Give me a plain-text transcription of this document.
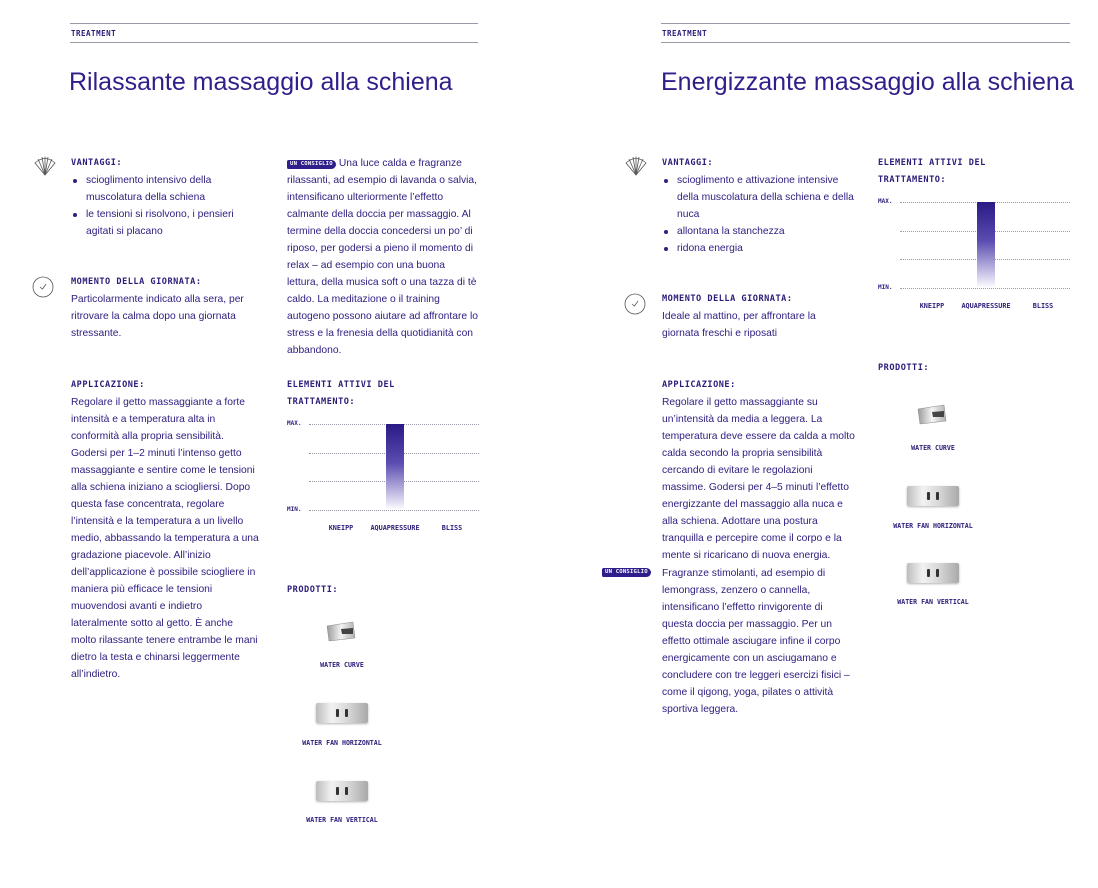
TREATMENT
Rilassante massaggio alla schiena
VANTAGGI:
scioglimento intensivo della muscolatura della schiena
le tensioni si risolvono, i pensieri agitati si placano
MOMENTO DELLA GIORNATA:
Particolarmente indicato alla sera, per ritrovare la calma dopo una giornata stressante.
UN CONSIGLIO Una luce calda e fragranze rilassanti, ad esempio di lavanda o salvia, intensificano ulteriormente l’effetto calmante della doccia per massaggio. Al termine della doccia concedersi un po’ di riposo, per godersi a pieno il momento di relax – ad esempio con una buona lettura, della musica soft o una tazza di tè caldo. La meditazione o il training autogeno possono aiutare ad affrontare lo stress e la frenesia della quotidianità con abbandono.
APPLICAZIONE:
Regolare il getto massaggiante a forte intensità e a temperatura alta in conformità alla propria sensibilità. Godersi per 1–2 minuti l’intenso getto massaggiante e sentire come le tensioni alla schiena iniziano a sciogliersi. Dopo questa fase concentrata, regolare l’intensità e la temperatura a un livello medio, abbassando la temperatura a una gradazione piacevole. All’inizio dell’applicazione è possibile sciogliere in maniera più efficace le tensioni muovendosi avanti e indietro lateralmente sotto al getto. È anche molto rilassante tenere entrambe le mani dietro la testa e chinarsi leggermente all’indietro.
ELEMENTI ATTIVI DEL
TRATTAMENTO:
MAX.
MIN.
KNEIPP	AQUAPRESSURE	BLISS
PRODOTTI:
WATER CURVE
WATER FAN HORIZONTAL
WATER FAN VERTICAL
TREATMENT
Energizzante massaggio alla schiena
VANTAGGI:
scioglimento e attivazione intensive della muscolatura della schiena e della nuca
allontana la stanchezza
ridona energia
MOMENTO DELLA GIORNATA:
Ideale al mattino, per affrontare la giornata freschi e riposati
APPLICAZIONE:
Regolare il getto massaggiante su un’intensità da media a leggera. La temperatura deve essere da calda a molto calda secondo la propria sensibilità cercando di evitare le regolazioni massime. Godersi per 4–5 minuti l’effetto energizzante del massaggio alla nuca e alla schiena. Adottare una postura tranquilla e percepire come il corpo e la mente si ricaricano di nuova energia.
UN CONSIGLIO Fragranze stimolanti, ad esempio di lemongrass, zenzero o cannella, intensificano l’effetto rinvigorente di questa doccia per massaggio. Per un effetto ottimale asciugare infine il corpo energicamente con un asciugamano e concludere con tre leggeri esercizi fisici – come il qigong, yoga, pilates o attività sportiva leggera.
ELEMENTI ATTIVI DEL
TRATTAMENTO:
MAX.
MIN.
KNEIPP	AQUAPRESSURE	BLISS
PRODOTTI:
WATER CURVE
WATER FAN HORIZONTAL
WATER FAN VERTICAL
